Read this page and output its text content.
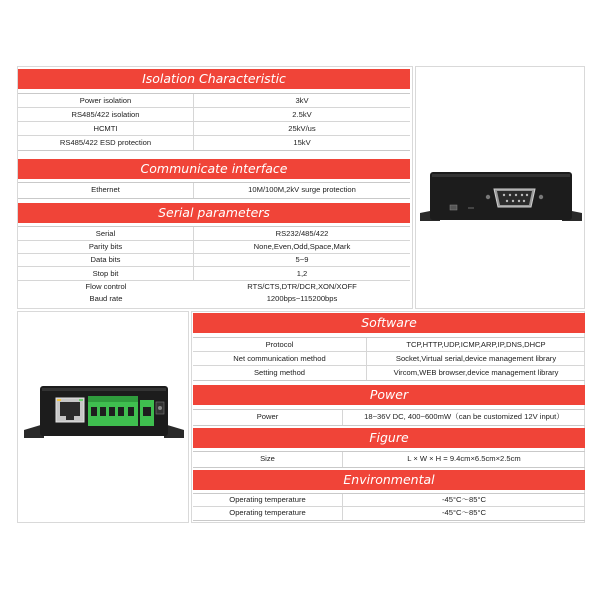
Isolation Characteristic
Power isolation	3kV
RS485/422 isolation	2.5kV
HCMTI	25kV/us
RS485/422 ESD protection	15kV
Communicate interface
Ethernet	10M/100M,2kV surge protection
Serial parameters
Serial	RS232/485/422
Parity bits	None,Even,Odd,Space,Mark
Data bits	5~9
Stop bit	1,2
Flow control	RTS/CTS,DTR/DCR,XON/XOFF
Baud rate	1200bps~115200bps
Software
Protocol	TCP,HTTP,UDP,ICMP,ARP,IP,DNS,DHCP
Net communication method	Socket,Virtual serial,device management library
Setting method	Vircom,WEB browser,device management library
Power
Power	18~36V DC, 400~600mW（can be customized 12V input）
Figure
Size	L × W × H = 9.4cm×6.5cm×2.5cm
Environmental
Operating temperature	-45°C～85°C
Operating temperature	-45°C～85°C
